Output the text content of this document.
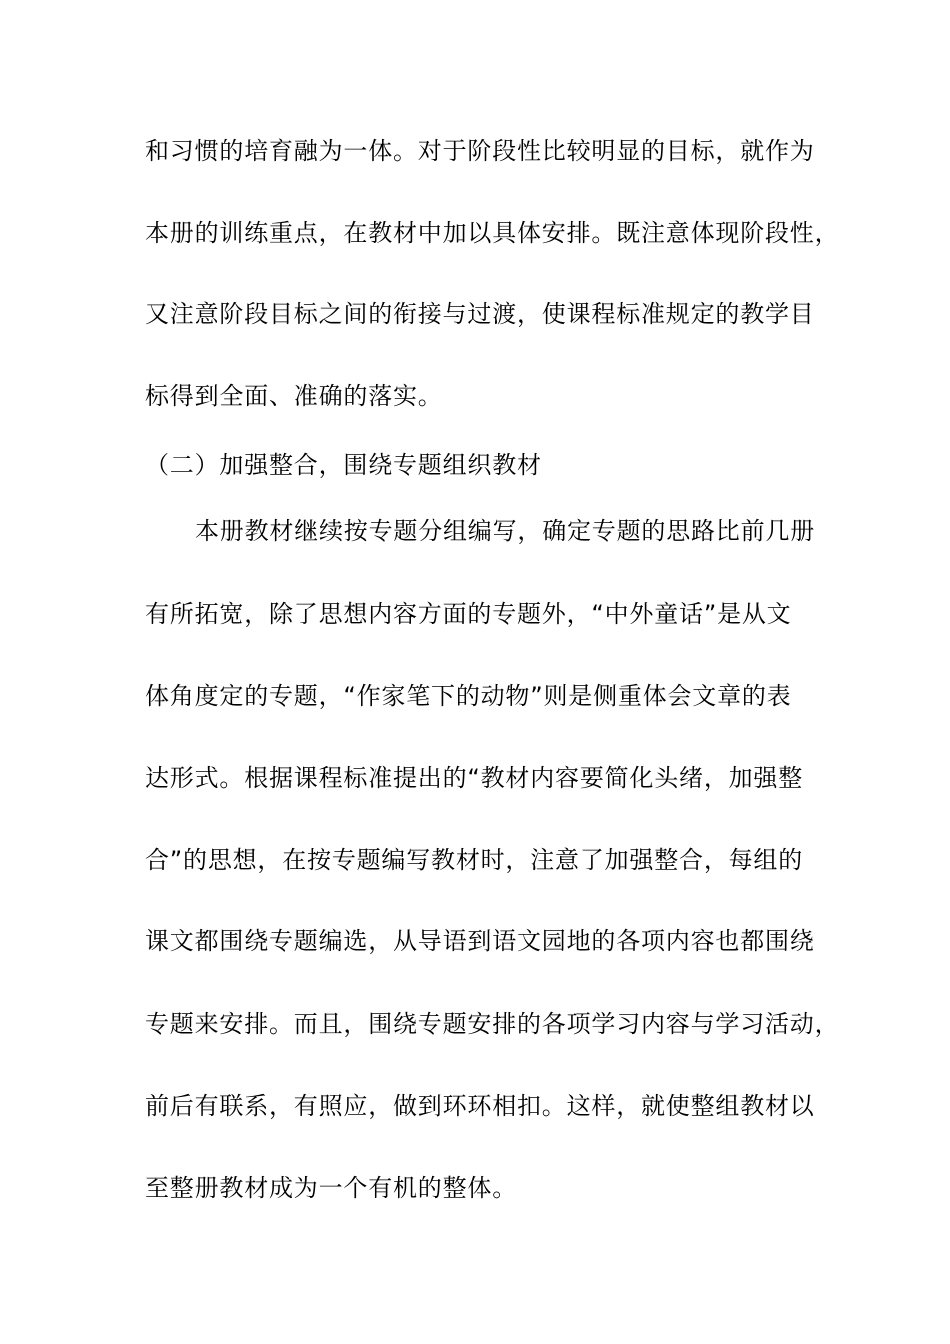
和习惯的培育融为一体。对于阶段性比较明显的目标，就作为
本册的训练重点，在教材中加以具体安排。既注意体现阶段性，
又注意阶段目标之间的衔接与过渡，使课程标准规定的教学目
标得到全面、准确的落实。
（二）加强整合，围绕专题组织教材
本册教材继续按专题分组编写，确定专题的思路比前几册
有所拓宽，除了思想内容方面的专题外，“中外童话”是从文
体角度定的专题，“作家笔下的动物”则是侧重体会文章的表
达形式。根据课程标准提出的“教材内容要简化头绪，加强整
合”的思想，在按专题编写教材时，注意了加强整合，每组的
课文都围绕专题编选，从导语到语文园地的各项内容也都围绕
专题来安排。而且，围绕专题安排的各项学习内容与学习活动，
前后有联系，有照应，做到环环相扣。这样，就使整组教材以
至整册教材成为一个有机的整体。
